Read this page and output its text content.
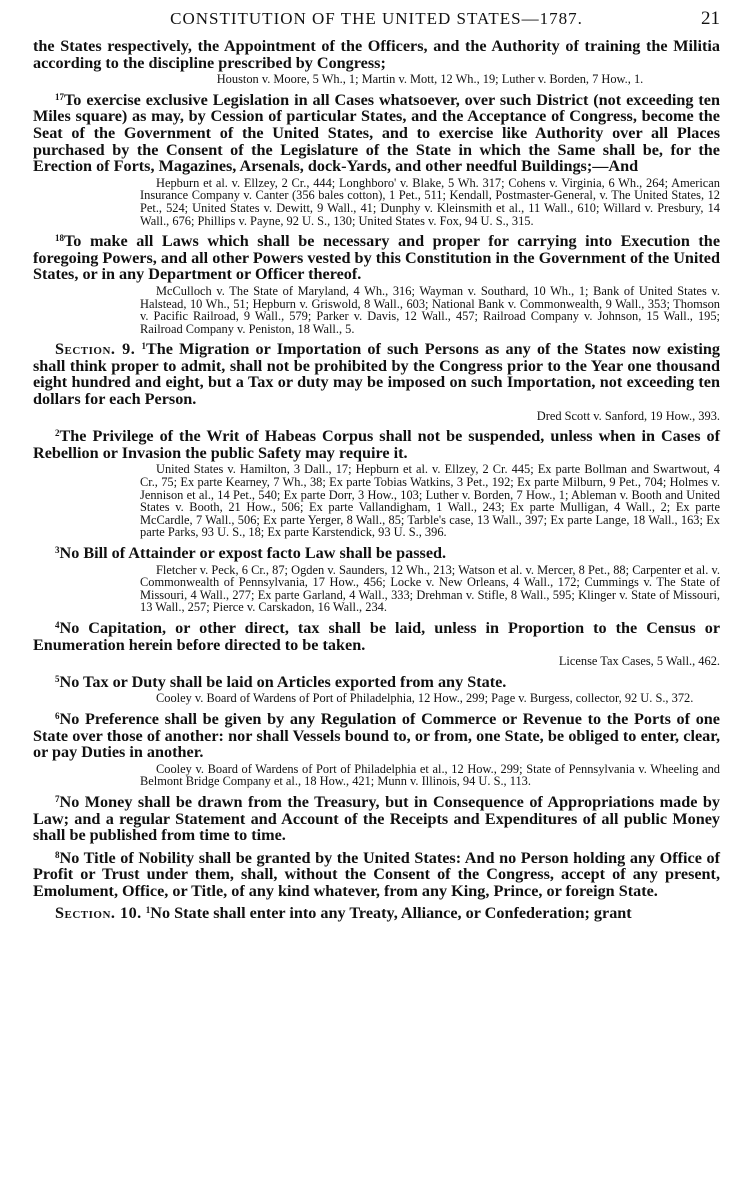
CONSTITUTION OF THE UNITED STATES—1787.	21

the States respectively, the Appointment of the Officers, and the Authority of training the Militia according to the discipline prescribed by Congress;

Houston v. Moore, 5 Wh., 1; Martin v. Mott, 12 Wh., 19; Luther v. Borden, 7 How., 1.

$^{17}$To exercise exclusive Legislation in all Cases whatsoever, over such District (not exceeding ten Miles square) as may, by Cession of particular States, and the Acceptance of Congress, become the Seat of the Government of the United States, and to exercise like Authority over all Places purchased by the Consent of the Legislature of the State in which the Same shall be, for the Erection of Forts, Magazines, Arsenals, dock-Yards, and other needful Buildings;—And

Hepburn et al. v. Ellzey, 2 Cr., 444; Longhboro' v. Blake, 5 Wh. 317; Cohens v. Virginia, 6 Wh., 264; American Insurance Company v. Canter (356 bales cotton), 1 Pet., 511; Kendall, Postmaster-General, v. The United States, 12 Pet., 524; United States v. Dewitt, 9 Wall., 41; Dunphy v. Kleinsmith et al., 11 Wall., 610; Willard v. Presbury, 14 Wall., 676; Phillips v. Payne, 92 U. S., 130; United States v. Fox, 94 U. S., 315.

$^{18}$To make all Laws which shall be necessary and proper for carrying into Execution the foregoing Powers, and all other Powers vested by this Constitution in the Government of the United States, or in any Department or Officer thereof.

McCulloch v. The State of Maryland, 4 Wh., 316; Wayman v. Southard, 10 Wh., 1; Bank of United States v. Halstead, 10 Wh., 51; Hepburn v. Griswold, 8 Wall., 603; National Bank v. Commonwealth, 9 Wall., 353; Thomson v. Pacific Railroad, 9 Wall., 579; Parker v. Davis, 12 Wall., 457; Railroad Company v. Johnson, 15 Wall., 195; Railroad Company v. Peniston, 18 Wall., 5.

Section. 9. $^1$The Migration or Importation of such Persons as any of the States now existing shall think proper to admit, shall not be prohibited by the Congress prior to the Year one thousand eight hundred and eight, but a Tax or duty may be imposed on such Importation, not exceeding ten dollars for each Person.

Dred Scott v. Sanford, 19 How., 393.

$^2$The Privilege of the Writ of Habeas Corpus shall not be suspended, unless when in Cases of Rebellion or Invasion the public Safety may require it.

United States v. Hamilton, 3 Dall., 17; Hepburn et al. v. Ellzey, 2 Cr. 445; Ex parte Bollman and Swartwout, 4 Cr., 75; Ex parte Kearney, 7 Wh., 38; Ex parte Tobias Watkins, 3 Pet., 192; Ex parte Milburn, 9 Pet., 704; Holmes v. Jennison et al., 14 Pet., 540; Ex parte Dorr, 3 How., 103; Luther v. Borden, 7 How., 1; Ableman v. Booth and United States v. Booth, 21 How., 506; Ex parte Vallandigham, 1 Wall., 243; Ex parte Mulligan, 4 Wall., 2; Ex parte McCardle, 7 Wall., 506; Ex parte Yerger, 8 Wall., 85; Tarble's case, 13 Wall., 397; Ex parte Lange, 18 Wall., 163; Ex parte Parks, 93 U. S., 18; Ex parte Karstendick, 93 U. S., 396.

$^3$No Bill of Attainder or expost facto Law shall be passed.

Fletcher v. Peck, 6 Cr., 87; Ogden v. Saunders, 12 Wh., 213; Watson et al. v. Mercer, 8 Pet., 88; Carpenter et al. v. Commonwealth of Pennsylvania, 17 How., 456; Locke v. New Orleans, 4 Wall., 172; Cummings v. The State of Missouri, 4 Wall., 277; Ex parte Garland, 4 Wall., 333; Drehman v. Stifle, 8 Wall., 595; Klinger v. State of Missouri, 13 Wall., 257; Pierce v. Carskadon, 16 Wall., 234.

$^4$No Capitation, or other direct, tax shall be laid, unless in Proportion to the Census or Enumeration herein before directed to be taken.

License Tax Cases, 5 Wall., 462.

$^5$No Tax or Duty shall be laid on Articles exported from any State.

Cooley v. Board of Wardens of Port of Philadelphia, 12 How., 299; Page v. Burgess, collector, 92 U. S., 372.

$^6$No Preference shall be given by any Regulation of Commerce or Revenue to the Ports of one State over those of another: nor shall Vessels bound to, or from, one State, be obliged to enter, clear, or pay Duties in another.

Cooley v. Board of Wardens of Port of Philadelphia et al., 12 How., 299; State of Pennsylvania v. Wheeling and Belmont Bridge Company et al., 18 How., 421; Munn v. Illinois, 94 U. S., 113.

$^7$No Money shall be drawn from the Treasury, but in Consequence of Appropriations made by Law; and a regular Statement and Account of the Receipts and Expenditures of all public Money shall be published from time to time.

$^8$No Title of Nobility shall be granted by the United States: And no Person holding any Office of Profit or Trust under them, shall, without the Consent of the Congress, accept of any present, Emolument, Office, or Title, of any kind whatever, from any King, Prince, or foreign State.

Section. 10. $^1$No State shall enter into any Treaty, Alliance, or Confederation; grant
